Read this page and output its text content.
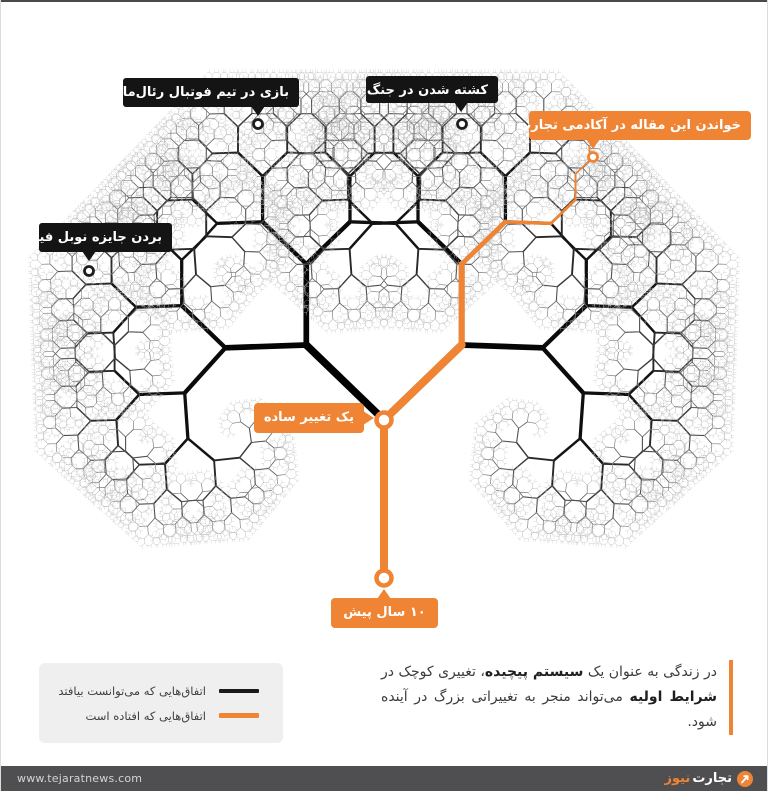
بازی در تیم فوتبال رئال‌مادرید	کشته شدن در جنگ
بردن جایزه نوبل فیزیک
خواندن این مقاله در آکادمی تجارت
یک تغییر ساده
۱۰ سال پیش
اتفاق‌هایی که می‌توانست بیافتد
اتفاق‌هایی که افتاده است
در زندگی به عنوان یک سیستم پیچیده، تغییری کوچک در شرایط اولیه می‌تواند منجر به تغییراتی بزرگ در آینده شود.
www.tejaratnews.com	تجارت
نیوز
